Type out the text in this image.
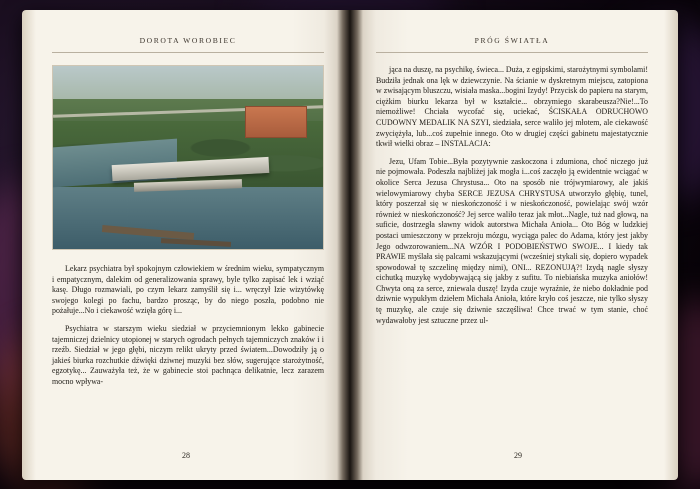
DOROTA WOROBIEC

Lekarz psychiatra był spokojnym człowiekiem w średnim wieku, sympatycznym i empatycznym, dalekim od generalizowania sprawy, byle tylko zapisać lek i wziąć kasę. Długo rozmawiali, po czym lekarz zamyślił się i... wręczył Izie wizytówkę swojego kolegi po fachu, bardzo prosząc, by do niego poszła, podobno nie pożałuje...No i ciekawość wzięła górę i...

Psychiatra w starszym wieku siedział w przyciemnionym lekko gabinecie tajemniczej dzielnicy utopionej w starych ogrodach pełnych tajemniczych znaków i i rzeźb. Siedział w jego głębi, niczym relikt ukryty przed światem...Dowodziły ją o jakieś biurka rozchutkie dźwięki dziwnej muzyki bez słów, sugerujące starożytność, egzotykę... Zauważyła też, że w gabinecie stoi pachnąca delikatnie, lecz zarazem mocno wpływa-

28
PRÓG ŚWIATŁA

jąca na duszę, na psychikę, świeca... Duża, z egipskimi, starożytnymi symbolami! Budziła jednak ona lęk w dziewczynie. Na ścianie w dyskretnym miejscu, zatopiona w zwisającym bluszczu, wisiała maska...bogini Izydy! Przycisk do papieru na starym, ciężkim biurku lekarza był w kształcie... obrzymiego skarabeusza?Nie!...To niemożliwe! Chciała wycofać się, uciekać, ŚCISKAŁA ODRUCHOWO CUDOWNY MEDALIK NA SZYI, siedziała, serce waliło jej młotem, ale ciekawość zwyciężyła, lub...coś zupełnie innego. Oto w drugiej części gabinetu majestatycznie tkwił wielki obraz – INSTALACJA:

Jezu, Ufam Tobie...Była pozytywnie zaskoczona i zdumiona, choć niczego już nie pojmowała. Podeszła najbliżej jak mogła i...coś zaczęło ją ewidentnie wciągać w okolice Serca Jezusa Chrystusa... Oto na sposób nie trójwymiarowy, ale jakiś wielowymiarowy chyba SERCE JEZUSA CHRYSTUSA utworzyło głębię, tunel, który poszerzał się w nieskończoność i w nieskończoność, powielając swój wzór również w nieskończoność? Jej serce waliło teraz jak młot...Nagle, tuż nad głową, na suficie, dostrzegła sławny widok autorstwa Michała Anioła... Oto Bóg w ludzkiej postaci umieszczony w przekroju mózgu, wyciąga palec do Adama, który jest jakby Jego odwzorowaniem...NA WZÓR I PODOBIEŃSTWO SWOJE... I kiedy tak PRAWIE myślała się palcami wskazującymi (wcześniej stykali się, dopiero wypadek spowodował tę szczelinę między nimi), ONI... REZONUJĄ?! Izydą nagle słyszy cichutką muzykę wydobywającą się jakby z sufitu. To niebiańska muzyka aniołów! Chwyta oną za serce, zniewala duszę! Izyda czuje wyraźnie, że niebo dokładnie pod dziwnie wypukłym dziełem Michała Anioła, które kryło coś jeszcze, nie tylko słyszy tę muzykę, ale czuje się dziwnie szczęśliwa! Chce trwać w tym stanie, choć wydawałoby jest sztuczne przez ul-

29
